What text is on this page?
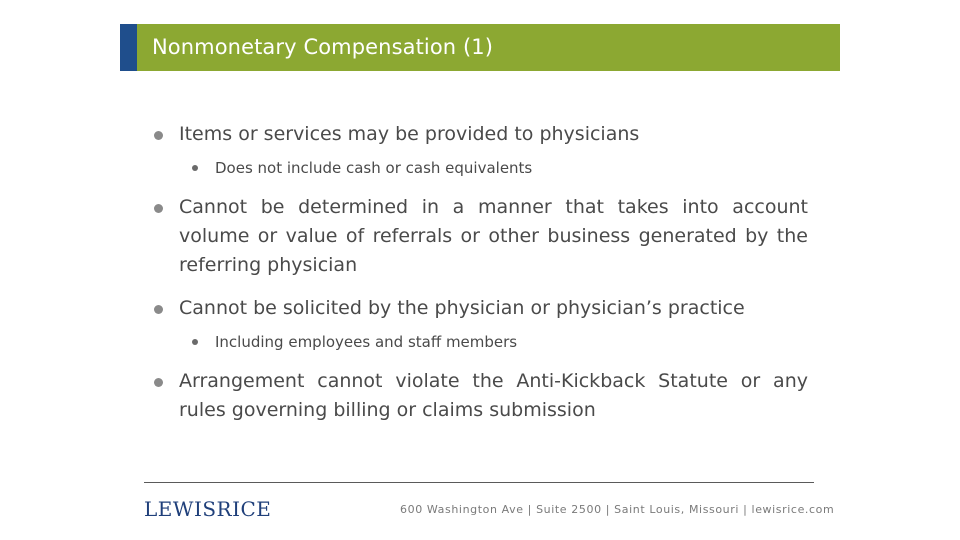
Nonmonetary Compensation (1)
Items or services may be provided to physicians
Does not include cash or cash equivalents
Cannot be determined in a manner that takes into account volume or value of referrals or other business generated by the referring physician
Cannot be solicited by the physician or physician’s practice
Including employees and staff members
Arrangement cannot violate the Anti-Kickback Statute or any rules governing billing or claims submission
LEWISRICE	600 Washington Ave | Suite 2500 | Saint Louis, Missouri | lewisrice.com
